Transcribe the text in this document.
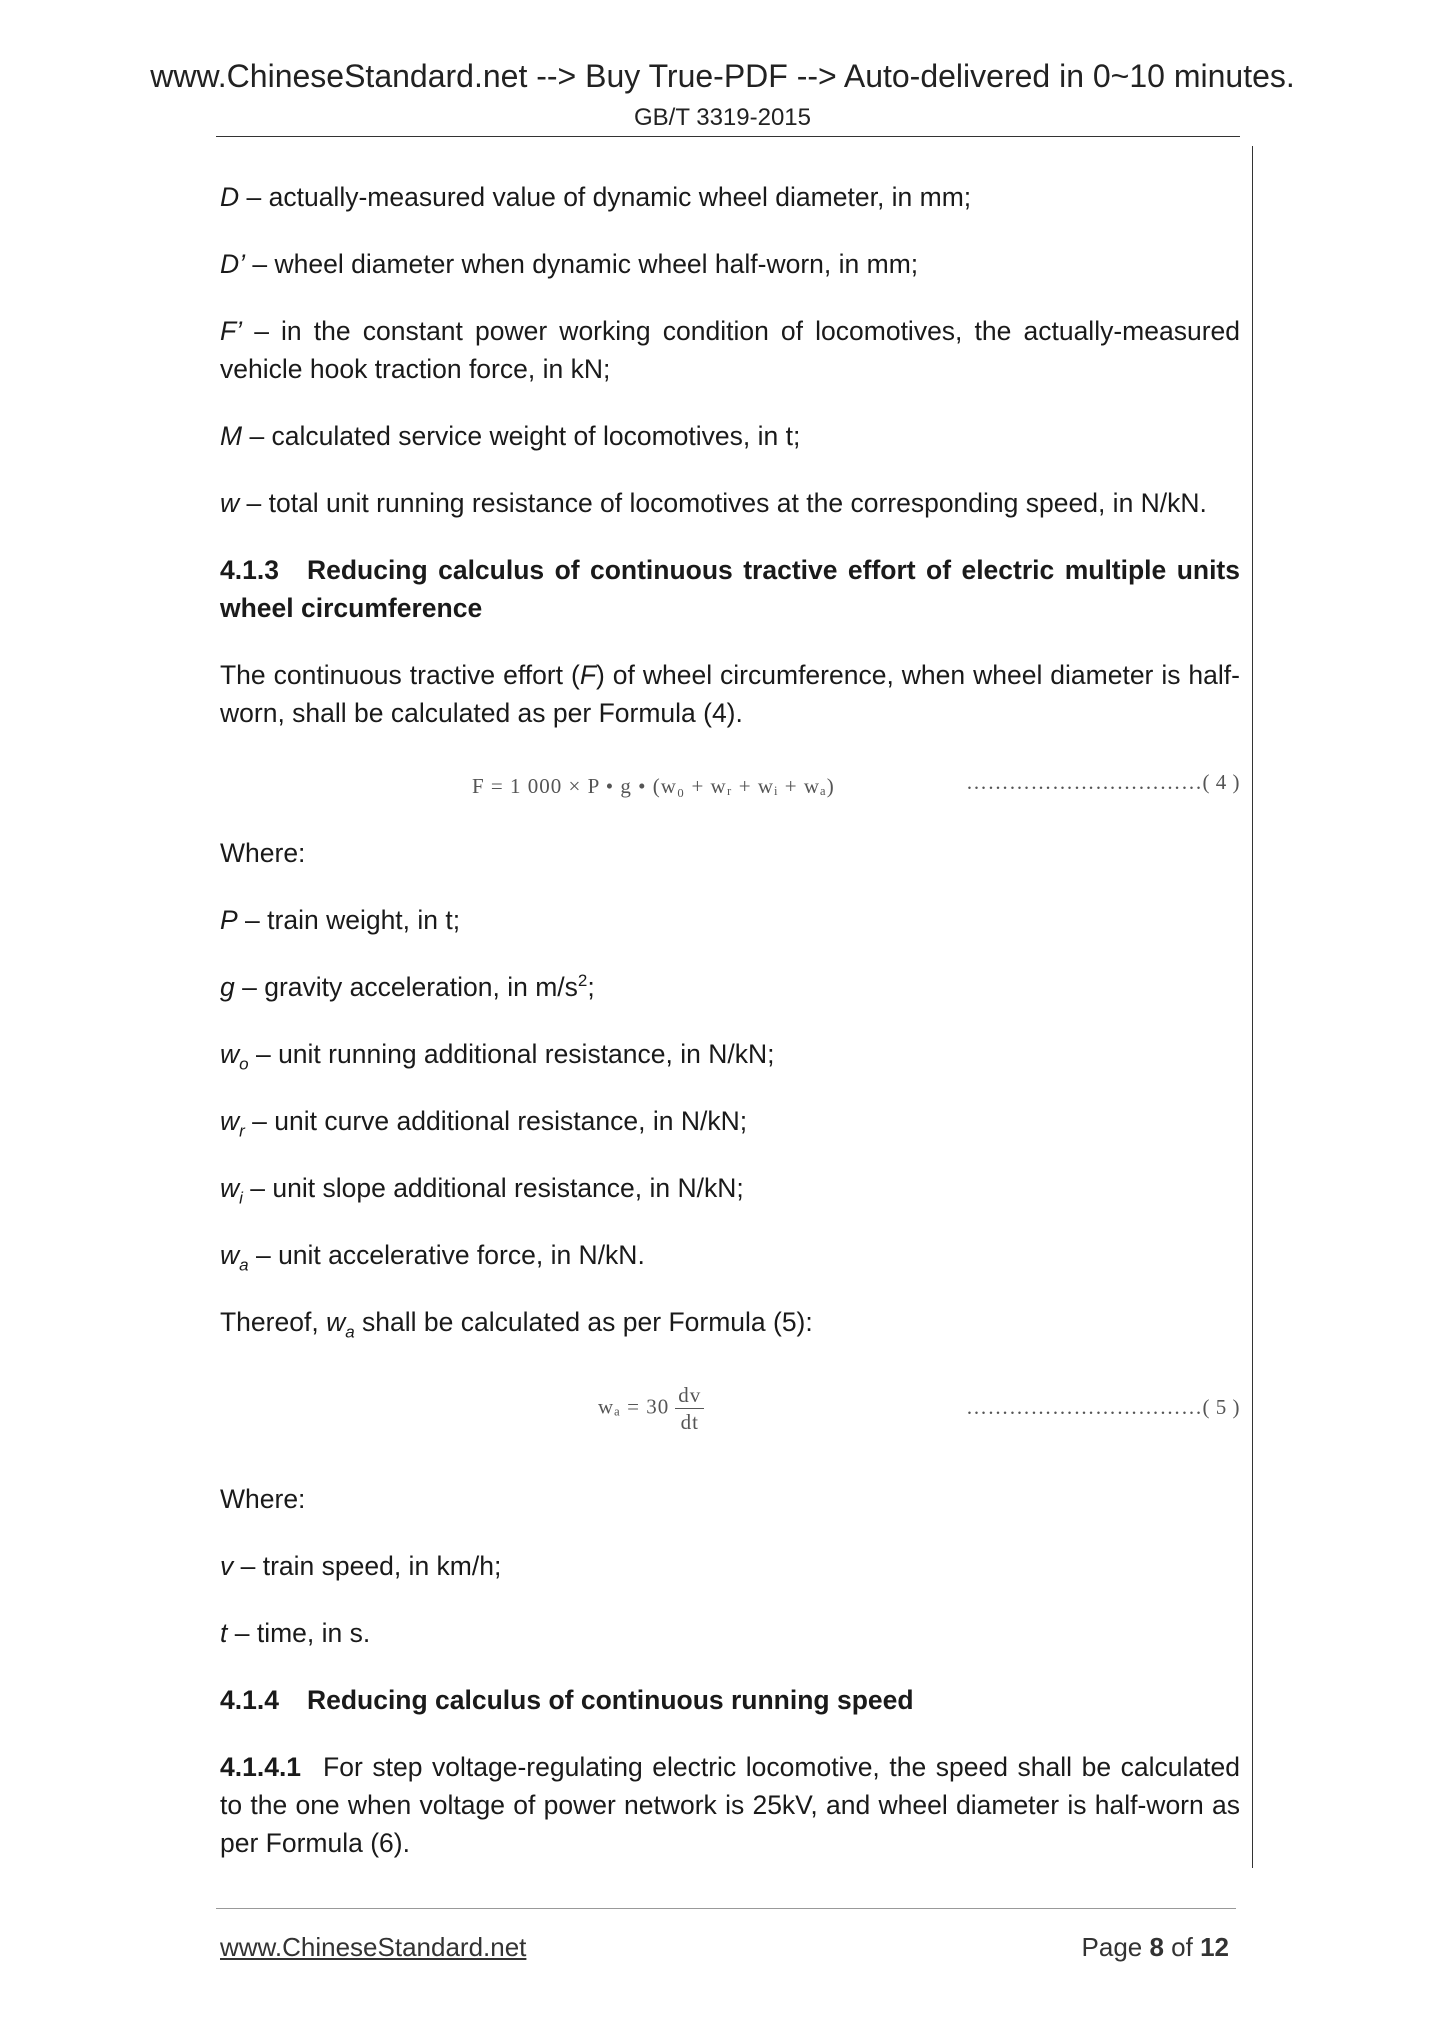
www.ChineseStandard.net --> Buy True-PDF --> Auto-delivered in 0~10 minutes.
GB/T 3319-2015

D – actually-measured value of dynamic wheel diameter, in mm;

D’ – wheel diameter when dynamic wheel half-worn, in mm;

F’ – in the constant power working condition of locomotives, the actually-measured vehicle hook traction force, in kN;

M – calculated service weight of locomotives, in t;

w – total unit running resistance of locomotives at the corresponding speed, in N/kN.

4.1.3 Reducing calculus of continuous tractive effort of electric multiple units wheel circumference

The continuous tractive effort (F) of wheel circumference, when wheel diameter is half-worn, shall be calculated as per Formula (4).

F = 1 000 × P • g • (w₀ + wᵣ + wᵢ + wₐ)	……………………………( 4 )

Where:

P – train weight, in t;

g – gravity acceleration, in $m/s^2$;

$w_o$ – unit running additional resistance, in N/kN;

$w_r$ – unit curve additional resistance, in N/kN;

$w_i$ – unit slope additional resistance, in N/kN;

$w_a$ – unit accelerative force, in N/kN.

Thereof, $w_a$ shall be calculated as per Formula (5):

$w_a = 30 \frac{dv}{dt}$	……………………………( 5 )

Where:

v – train speed, in km/h;

t – time, in s.

4.1.4 Reducing calculus of continuous running speed

4.1.4.1 For step voltage-regulating electric locomotive, the speed shall be calculated to the one when voltage of power network is 25kV, and wheel diameter is half-worn as per Formula (6).

www.ChineseStandard.net	Page 8 of 12
